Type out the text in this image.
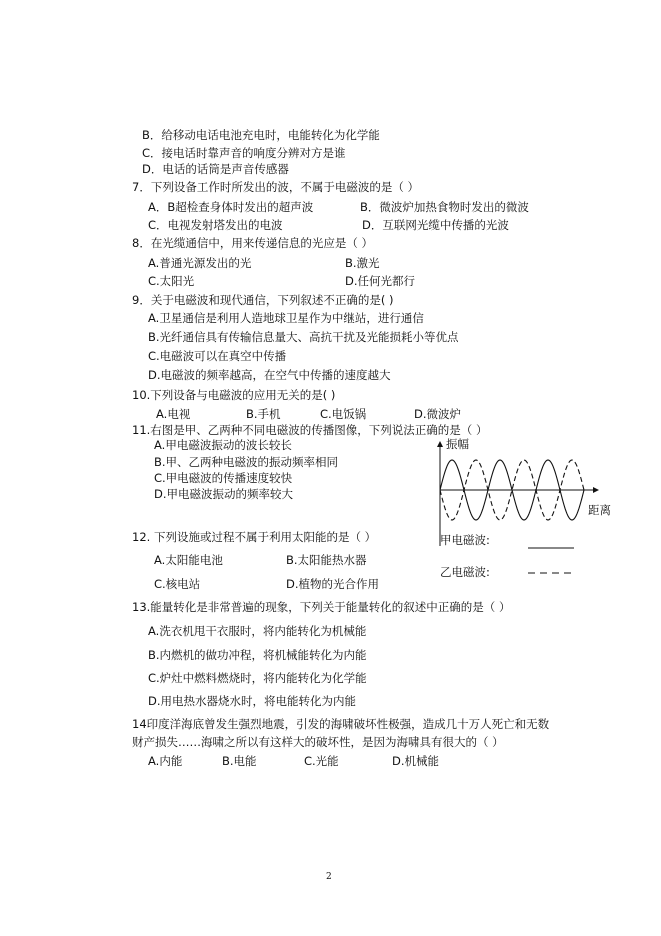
B．给移动电话电池充电时，电能转化为化学能
C．接电话时靠声音的响度分辨对方是谁
D．电话的话筒是声音传感器
7．下列设备工作时所发出的波，不属于电磁波的是（ ）
A．B超检查身体时发出的超声波	B．微波炉加热食物时发出的微波
C．电视发射塔发出的电波	D．互联网光缆中传播的光波
8．在光缆通信中，用来传递信息的光应是（ ）
A.普通光源发出的光	B.激光
C.太阳光	D.任何光都行
9．关于电磁波和现代通信，下列叙述不正确的是( )
A.卫星通信是利用人造地球卫星作为中继站，进行通信
B.光纤通信具有传输信息量大、高抗干扰及光能损耗小等优点
C.电磁波可以在真空中传播
D.电磁波的频率越高，在空气中传播的速度越大
10.下列设备与电磁波的应用无关的是( )
A.电视	B.手机	C.电饭锅	D.微波炉
11.右图是甲、乙两种不同电磁波的传播图像，下列说法正确的是（ ）
A.甲电磁波振动的波长较长
B.甲、乙两种电磁波的振动频率相同
C.甲电磁波的传播速度较快
D.甲电磁波振动的频率较大
振幅
距离
甲电磁波:
乙电磁波:
12. 下列设施或过程不属于利用太阳能的是（ ）
A.太阳能电池	B.太阳能热水器
C.核电站	D.植物的光合作用
13.能量转化是非常普遍的现象，下列关于能量转化的叙述中正确的是（ ）
A.洗衣机甩干衣服时，将内能转化为机械能
B.内燃机的做功冲程，将机械能转化为内能
C.炉灶中燃料燃烧时，将内能转化为化学能
D.用电热水器烧水时，将电能转化为内能
14印度洋海底曾发生强烈地震，引发的海啸破坏性极强，造成几十万人死亡和无数
财产损失……海啸之所以有这样大的破坏性，是因为海啸具有很大的（ ）
A.内能	B.电能	C.光能	D.机械能
2
